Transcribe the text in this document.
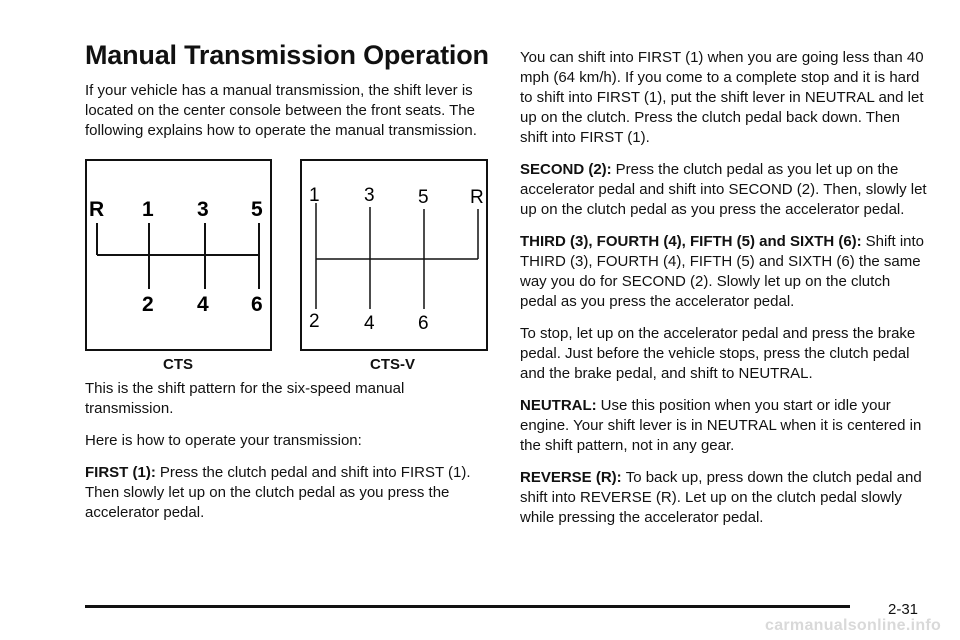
Manual Transmission Operation

If your vehicle has a manual transmission, the shift lever is located on the center console between the front seats. The following explains how to operate the manual transmission.

R 1 3 5
2 4 6
1 3 5 R
2 4 6
CTS	CTS-V

This is the shift pattern for the six-speed manual transmission.

Here is how to operate your transmission:

FIRST (1): Press the clutch pedal and shift into FIRST (1). Then slowly let up on the clutch pedal as you press the accelerator pedal.

You can shift into FIRST (1) when you are going less than 40 mph (64 km/h). If you come to a complete stop and it is hard to shift into FIRST (1), put the shift lever in NEUTRAL and let up on the clutch. Press the clutch pedal back down. Then shift into FIRST (1).

SECOND (2): Press the clutch pedal as you let up on the accelerator pedal and shift into SECOND (2). Then, slowly let up on the clutch pedal as you press the accelerator pedal.

THIRD (3), FOURTH (4), FIFTH (5) and SIXTH (6): Shift into THIRD (3), FOURTH (4), FIFTH (5) and SIXTH (6) the same way you do for SECOND (2). Slowly let up on the clutch pedal as you press the accelerator pedal.

To stop, let up on the accelerator pedal and press the brake pedal. Just before the vehicle stops, press the clutch pedal and the brake pedal, and shift to NEUTRAL.

NEUTRAL: Use this position when you start or idle your engine. Your shift lever is in NEUTRAL when it is centered in the shift pattern, not in any gear.

REVERSE (R): To back up, press down the clutch pedal and shift into REVERSE (R). Let up on the clutch pedal slowly while pressing the accelerator pedal.

2-31
carmanualsonline.info
